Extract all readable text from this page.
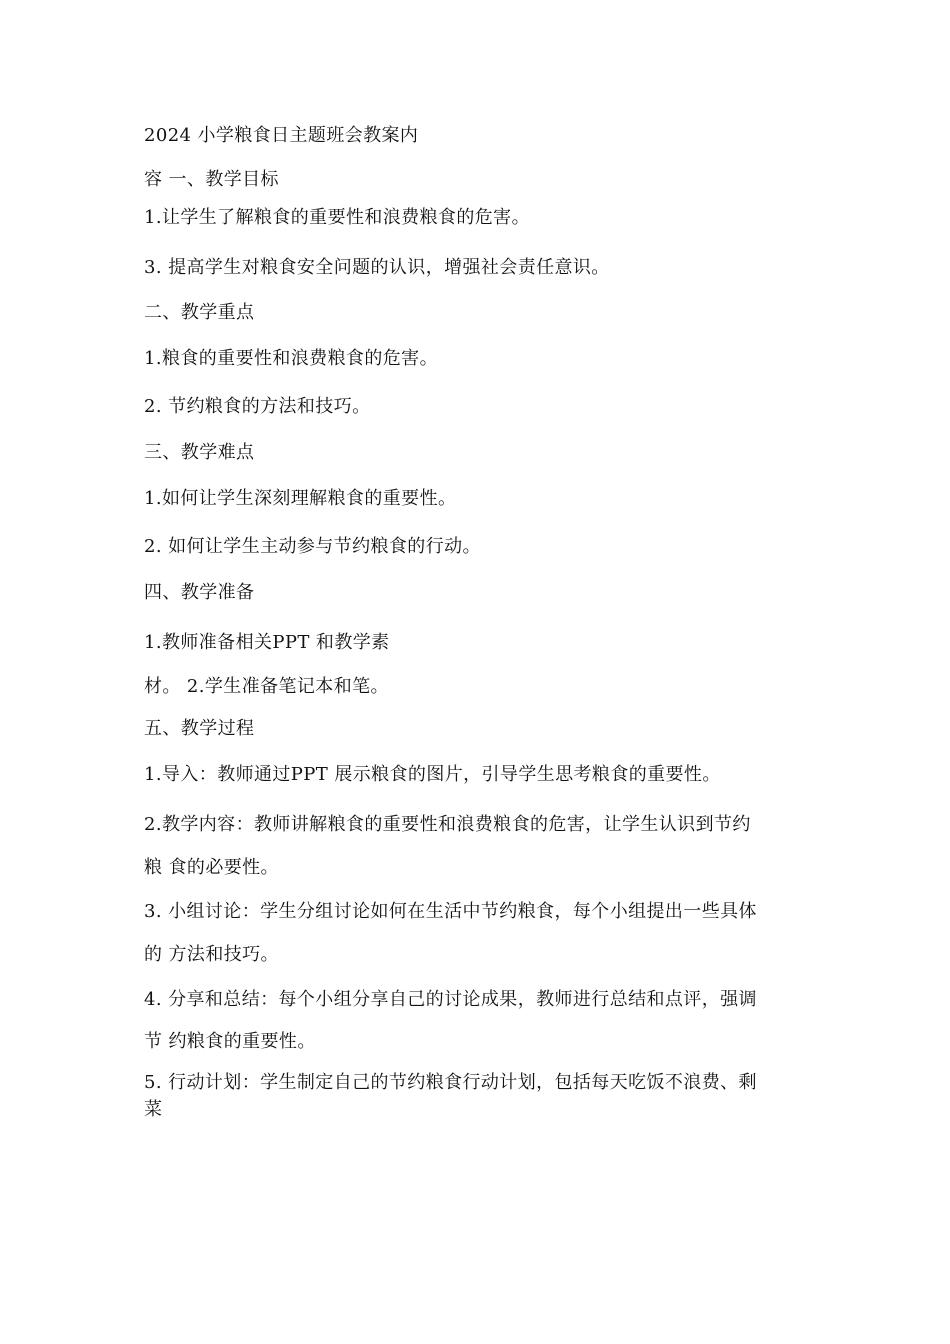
2024 小学粮食日主题班会教案内
容 一、教学目标
1.让学生了解粮食的重要性和浪费粮食的危害。
3. 提高学生对粮食安全问题的认识，增强社会责任意识。
二、教学重点
1.粮食的重要性和浪费粮食的危害。
2. 节约粮食的方法和技巧。
三、教学难点
1.如何让学生深刻理解粮食的重要性。
2. 如何让学生主动参与节约粮食的行动。
四、教学准备
1.教师准备相关PPT 和教学素
材。 2.学生准备笔记本和笔。
五、教学过程
1.导入：教师通过PPT 展示粮食的图片，引导学生思考粮食的重要性。
2.教学内容：教师讲解粮食的重要性和浪费粮食的危害，让学生认识到节约
粮 食的必要性。
3. 小组讨论：学生分组讨论如何在生活中节约粮食，每个小组提出一些具体
的 方法和技巧。
4. 分享和总结：每个小组分享自己的讨论成果，教师进行总结和点评，强调
节 约粮食的重要性。
5. 行动计划：学生制定自己的节约粮食行动计划，包括每天吃饭不浪费、剩
菜
